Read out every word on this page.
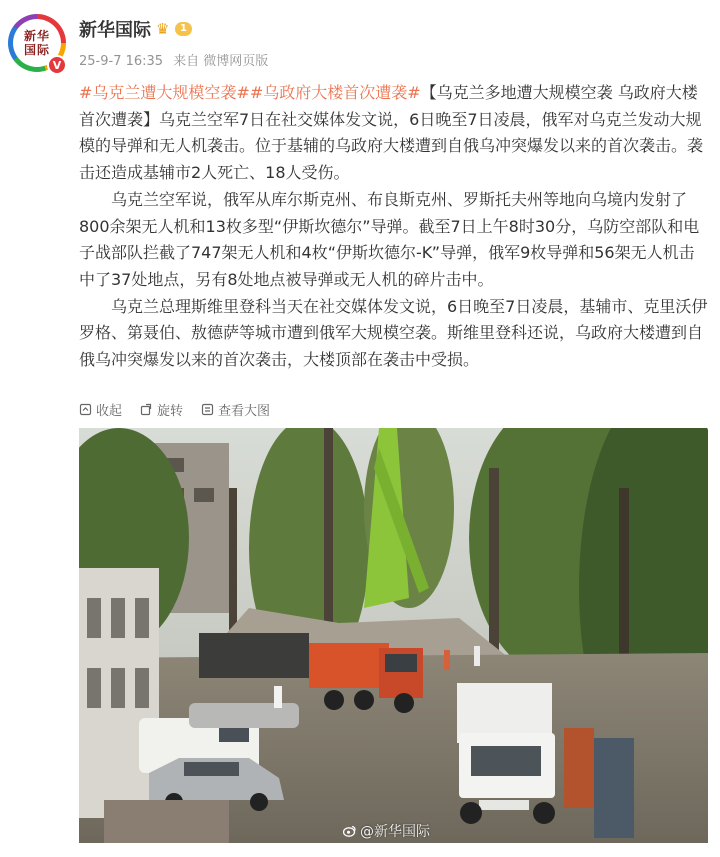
新华
国际
V
新华国际 ♛	1
25-9-7 16:35 来自 微博网页版

#乌克兰遭大规模空袭##乌政府大楼首次遭袭#【乌克兰多地遭大规模空袭 乌政府大楼首次遭袭】乌克兰空军7日在社交媒体发文说，6日晚至7日凌晨，俄军对乌克兰发动大规模的导弹和无人机袭击。位于基辅的乌政府大楼遭到自俄乌冲突爆发以来的首次袭击。袭击还造成基辅市2人死亡、18人受伤。

乌克兰空军说，俄军从库尔斯克州、布良斯克州、罗斯托夫州等地向乌境内发射了800余架无人机和13枚多型“伊斯坎德尔”导弹。截至7日上午8时30分，乌防空部队和电子战部队拦截了747架无人机和4枚“伊斯坎德尔-K”导弹，俄军9枚导弹和56架无人机击中了37处地点，另有8处地点被导弹或无人机的碎片击中。

乌克兰总理斯维里登科当天在社交媒体发文说，6日晚至7日凌晨，基辅市、克里沃伊罗格、第聂伯、敖德萨等城市遭到俄军大规模空袭。斯维里登科还说，乌政府大楼遭到自俄乌冲突爆发以来的首次袭击，大楼顶部在袭击中受损。

收起	旋转	查看大图
@新华国际
